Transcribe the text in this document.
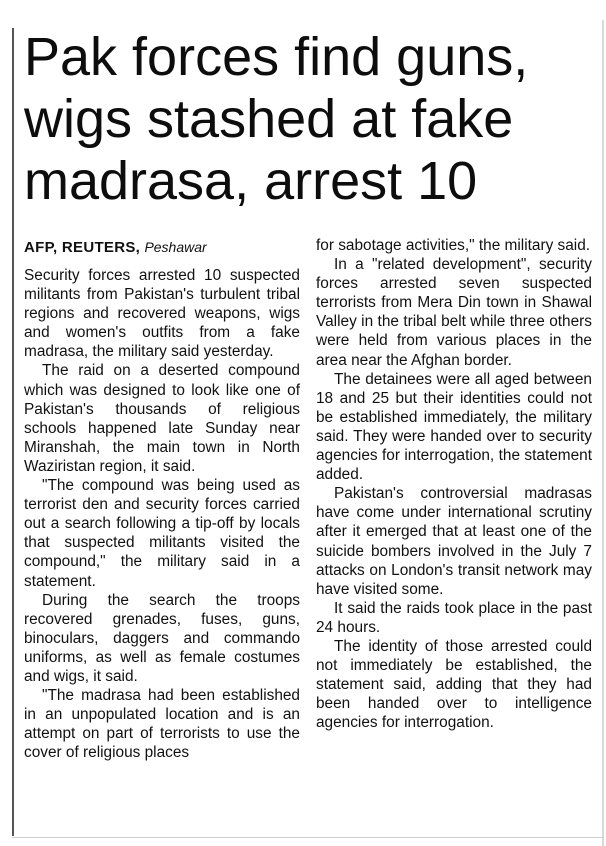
Pak forces find guns, wigs stashed at fake madrasa, arrest 10

AFP, REUTERS, Peshawar

Security forces arrested 10 suspected militants from Pakistan's turbulent tribal regions and recovered weapons, wigs and women's outfits from a fake madrasa, the military said yesterday.

The raid on a deserted compound which was designed to look like one of Pakistan's thousands of religious schools happened late Sunday near Miranshah, the main town in North Waziristan region, it said.

"The compound was being used as terrorist den and security forces carried out a search following a tip-off by locals that suspected militants visited the compound," the military said in a statement.

During the search the troops recovered grenades, fuses, guns, binoculars, daggers and commando uniforms, as well as female costumes and wigs, it said.

"The madrasa had been established in an unpopulated location and is an attempt on part of terrorists to use the cover of religious places

for sabotage activities," the military said.

In a "related development", security forces arrested seven suspected terrorists from Mera Din town in Shawal Valley in the tribal belt while three others were held from various places in the area near the Afghan border.

The detainees were all aged between 18 and 25 but their identities could not be established immediately, the military said. They were handed over to security agencies for interrogation, the statement added.

Pakistan's controversial madrasas have come under international scrutiny after it emerged that at least one of the suicide bombers involved in the July 7 attacks on London's transit network may have visited some.

It said the raids took place in the past 24 hours.

The identity of those arrested could not immediately be established, the statement said, adding that they had been handed over to intelligence agencies for interrogation.
